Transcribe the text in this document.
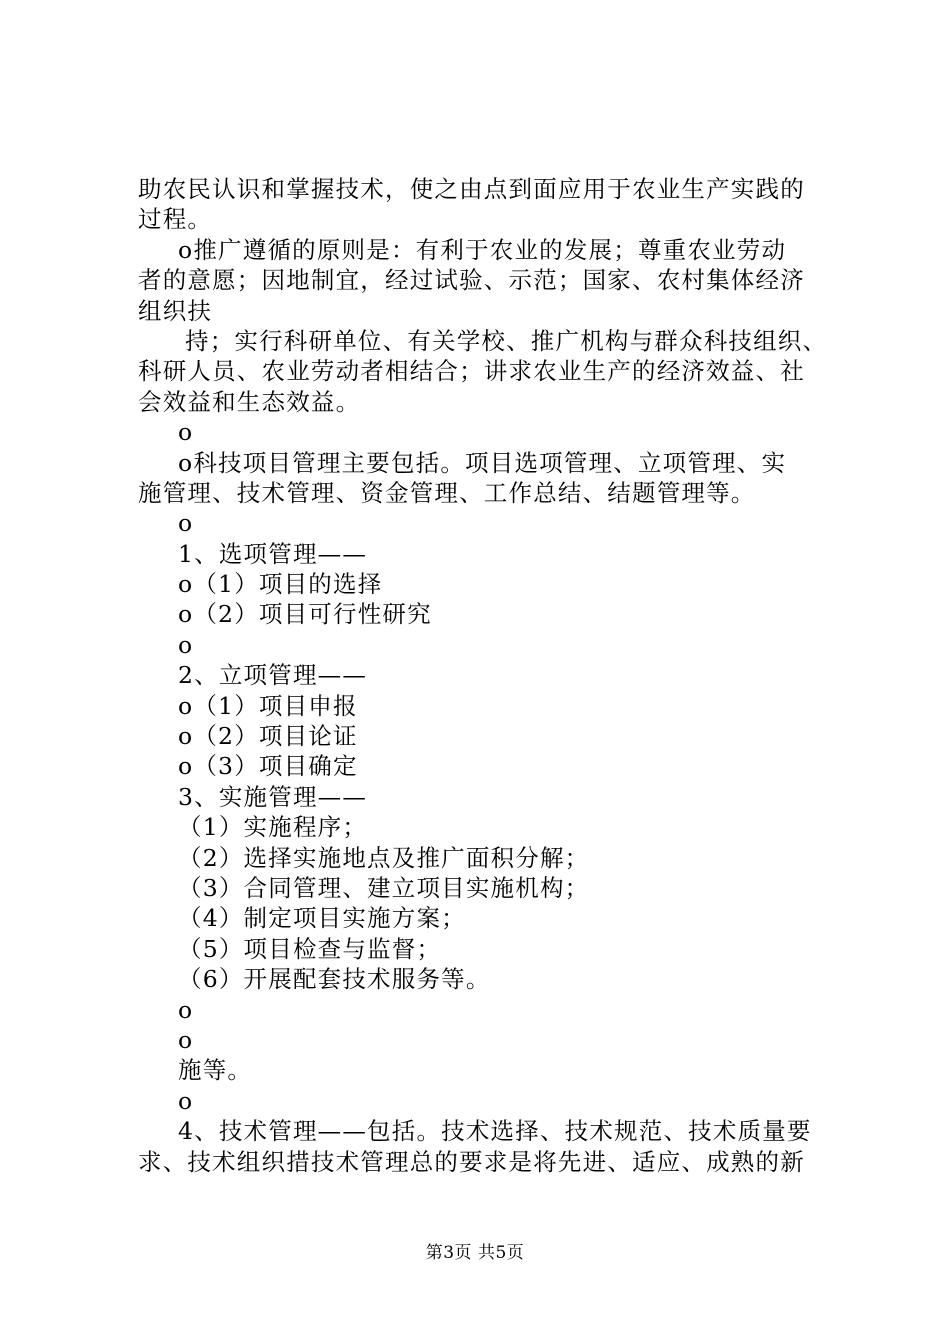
助农民认识和掌握技术，使之由点到面应用于农业生产实践的
过程。
o推广遵循的原则是：有利于农业的发展；尊重农业劳动
者的意愿；因地制宜，经过试验、示范；国家、农村集体经济
组织扶
持；实行科研单位、有关学校、推广机构与群众科技组织、
科研人员、农业劳动者相结合；讲求农业生产的经济效益、社
会效益和生态效益。
o
o科技项目管理主要包括。项目选项管理、立项管理、实
施管理、技术管理、资金管理、工作总结、结题管理等。
o
1、选项管理——
o（1）项目的选择
o（2）项目可行性研究
o
2、立项管理——
o（1）项目申报
o（2）项目论证
o（3）项目确定
3、实施管理——
（1）实施程序；
（2）选择实施地点及推广面积分解；
（3）合同管理、建立项目实施机构；
（4）制定项目实施方案；
（5）项目检查与监督；
（6）开展配套技术服务等。
o
o
施等。
o
4、技术管理——包括。技术选择、技术规范、技术质量要
求、技术组织措技术管理总的要求是将先进、适应、成熟的新
第3页 共5页
